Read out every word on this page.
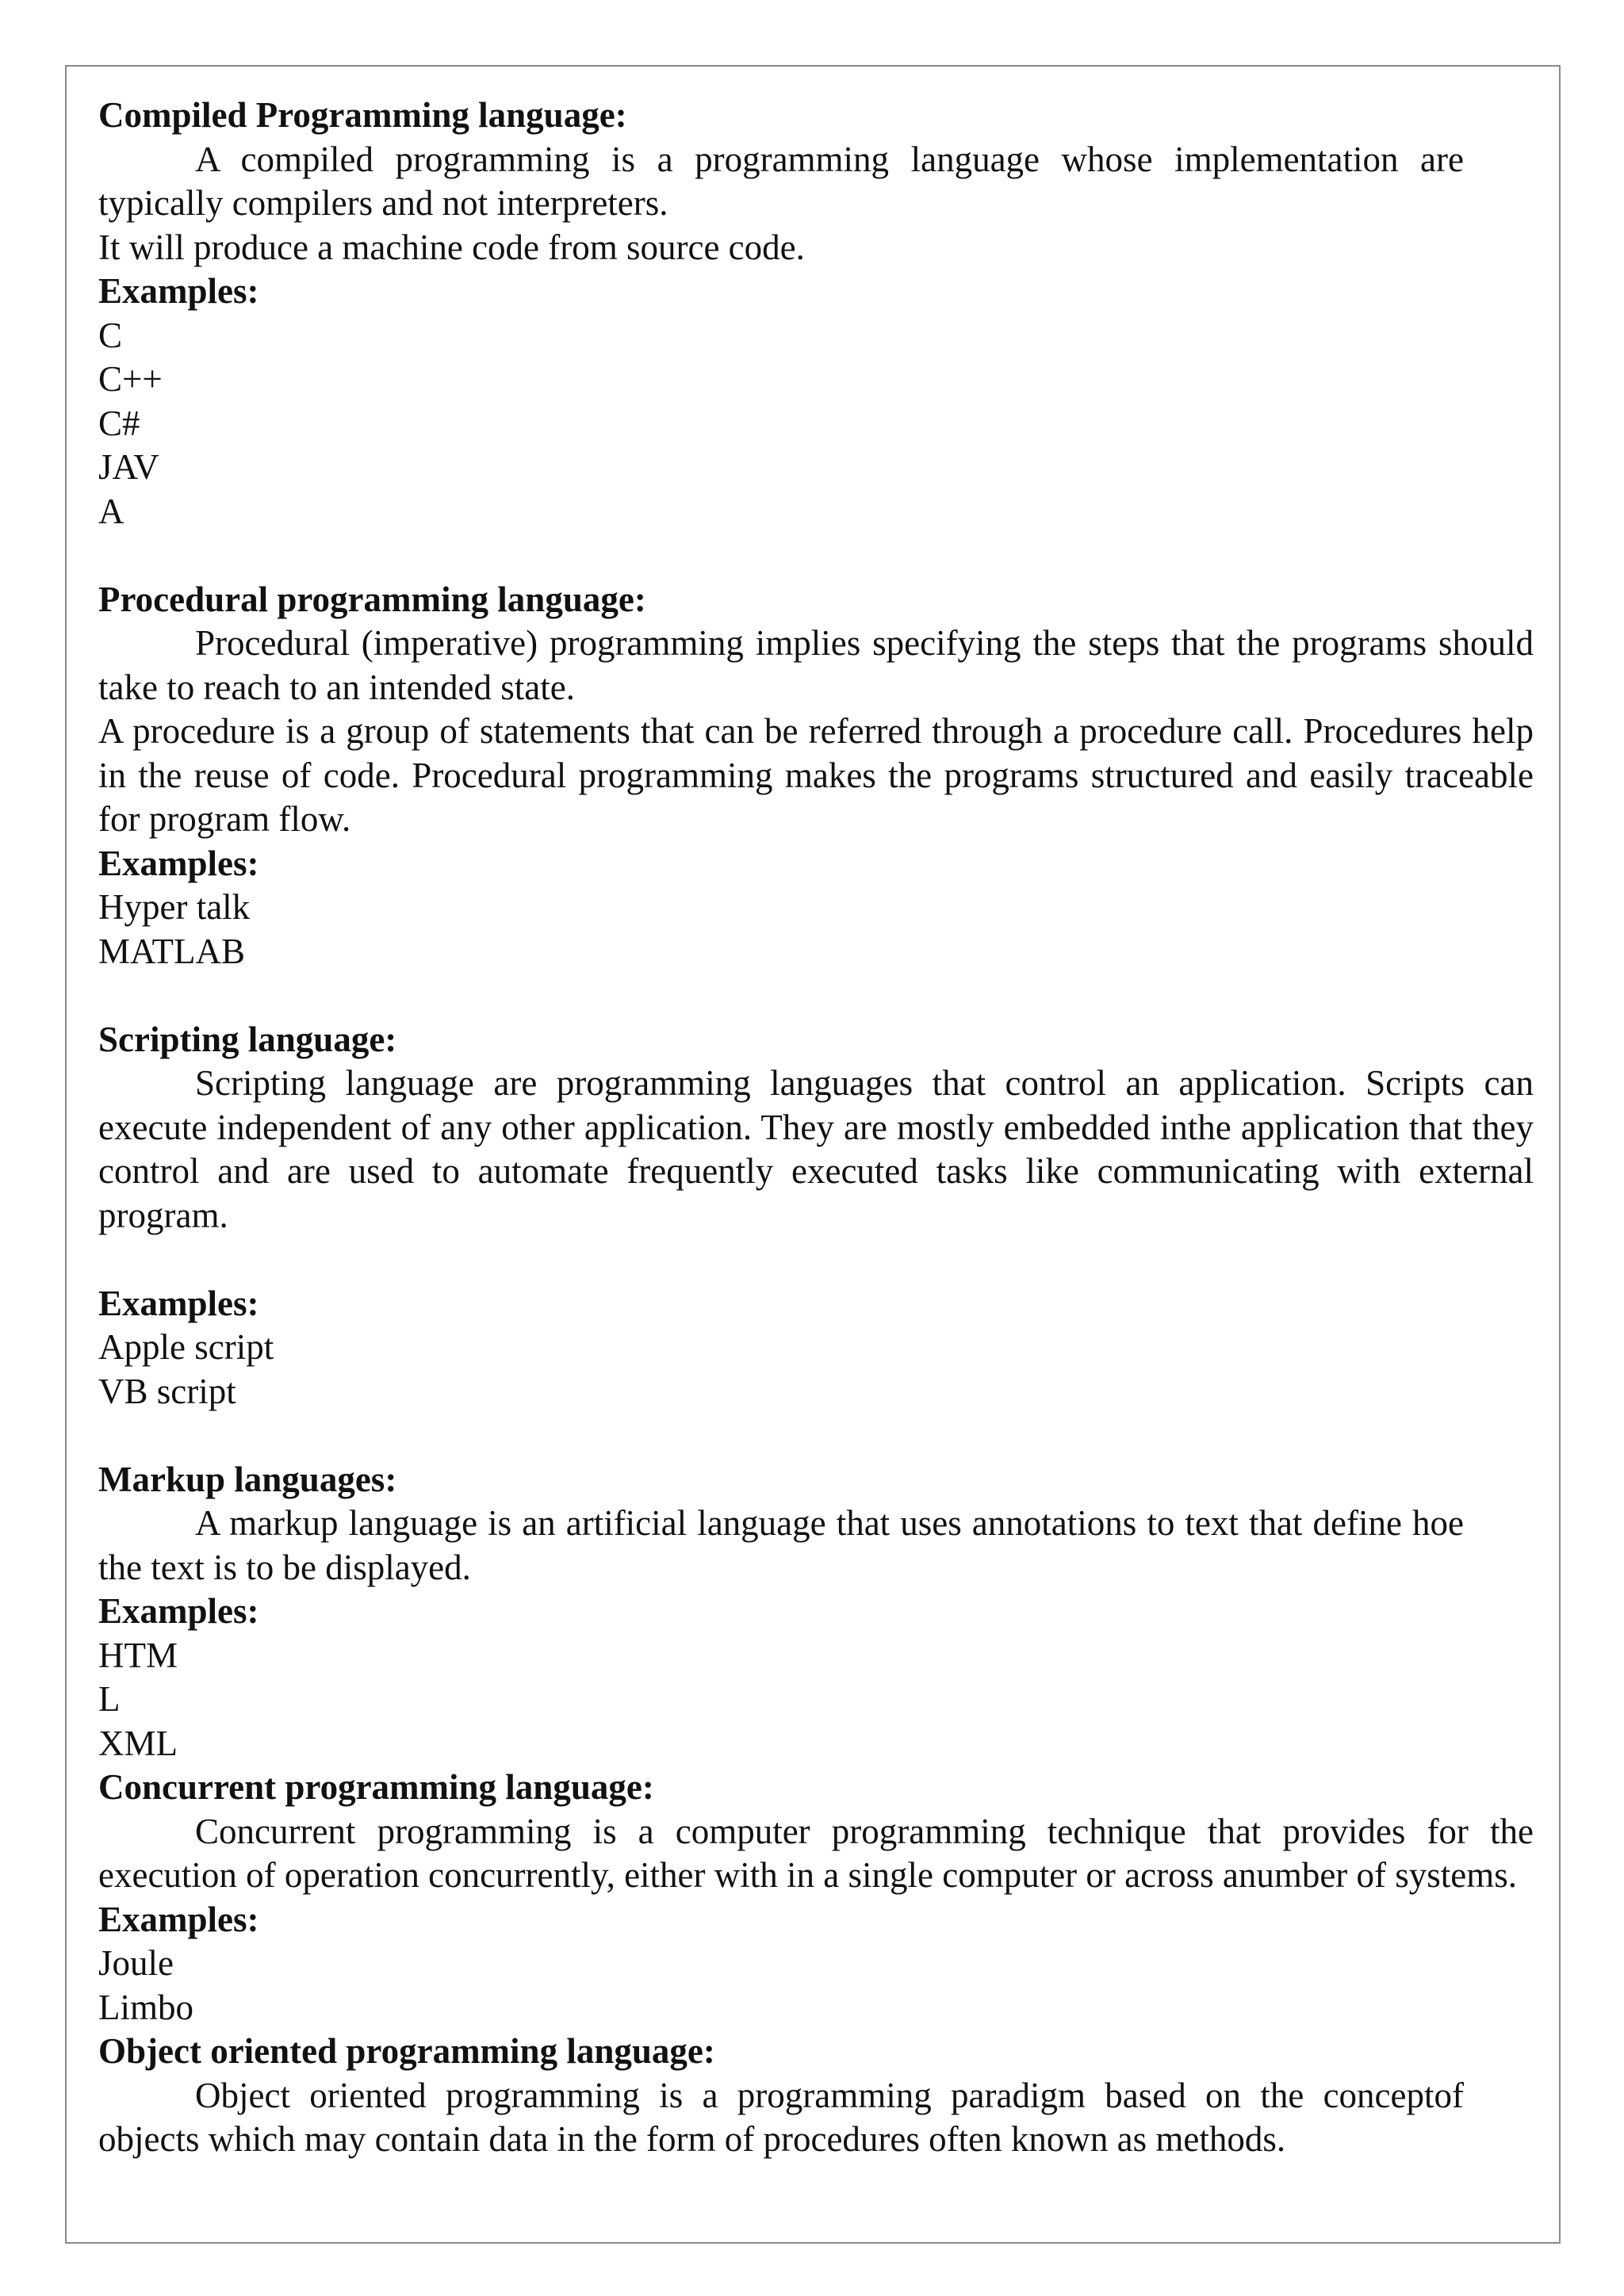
Compiled Programming language:

A compiled programming is a programming language whose implementation are typically compilers and not interpreters.

It will produce a machine code from source code.

Examples:

C

C++

C#

JAV

A

Procedural programming language:

Procedural (imperative) programming implies specifying the steps that the programs should take to reach to an intended state.

A procedure is a group of statements that can be referred through a procedure call. Procedures help in the reuse of code. Procedural programming makes the programs structured and easily traceable for program flow.

Examples:

Hyper talk

MATLAB

Scripting language:

Scripting language are programming languages that control an application. Scripts can execute independent of any other application. They are mostly embedded inthe application that they control and are used to automate frequently executed tasks like communicating with external program.

Examples:

Apple script

VB script

Markup languages:

A markup language is an artificial language that uses annotations to text that define hoe the text is to be displayed.

Examples:

HTM

L

XML

Concurrent programming language:

Concurrent programming is a computer programming technique that provides for the execution of operation concurrently, either with in a single computer or across anumber of systems.

Examples:

Joule

Limbo

Object oriented programming language:

Object oriented programming is a programming paradigm based on the conceptof objects which may contain data in the form of procedures often known as methods.
